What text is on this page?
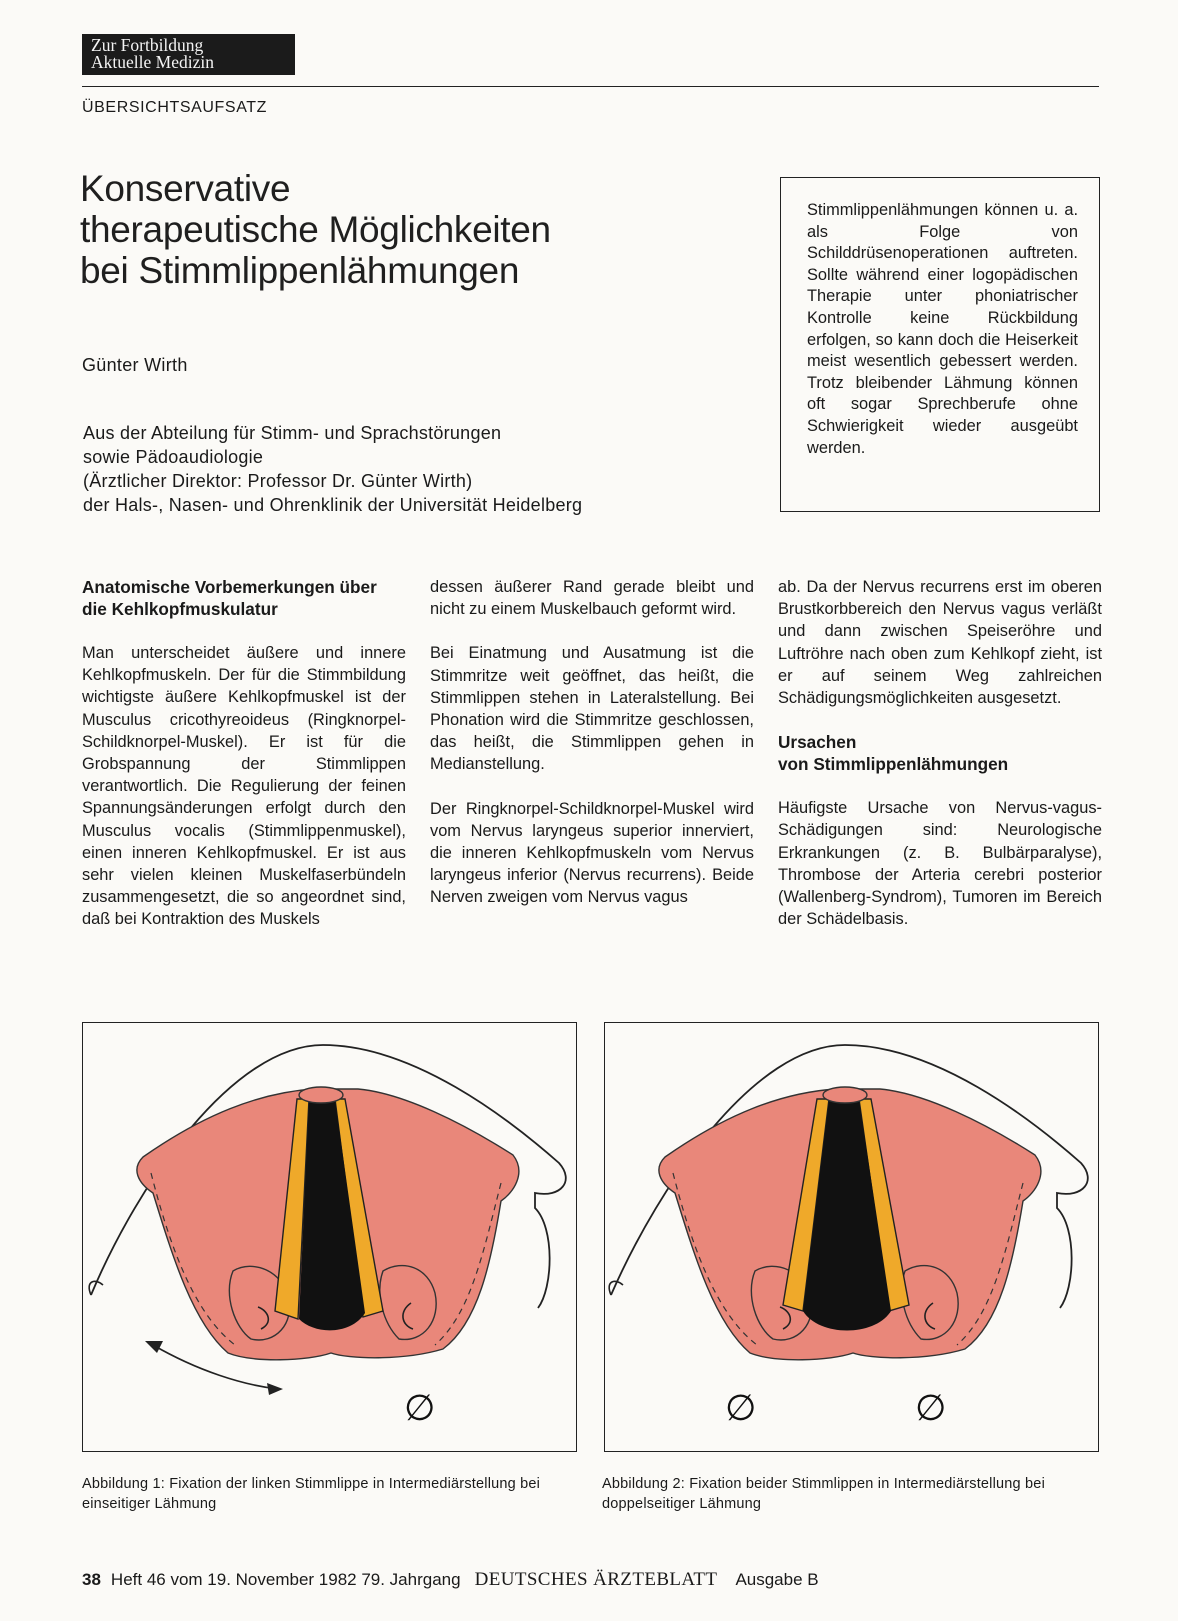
Zur Fortbildung
Aktuelle Medizin
ÜBERSICHTSAUFSATZ
Konservative
therapeutische Möglichkeiten
bei Stimmlippenlähmungen
Günter Wirth
Aus der Abteilung für Stimm- und Sprachstörungen
sowie Pädoaudiologie
(Ärztlicher Direktor: Professor Dr. Günter Wirth)
der Hals-, Nasen- und Ohrenklinik der Universität Heidelberg

Stimmlippenlähmungen können u. a. als Folge von Schilddrüsenoperationen auftreten. Sollte während einer logopädischen Therapie unter phoniatrischer Kontrolle keine Rückbildung erfolgen, so kann doch die Heiserkeit meist wesentlich gebessert werden. Trotz bleibender Lähmung können oft sogar Sprechberufe ohne Schwierigkeit wieder ausgeübt werden.

Anatomische Vorbemerkungen über die Kehlkopfmuskulatur

Man unterscheidet äußere und innere Kehlkopfmuskeln. Der für die Stimmbildung wichtigste äußere Kehlkopfmuskel ist der Musculus cricothyreoideus (Ringknorpel-Schildknorpel-Muskel). Er ist für die Grobspannung der Stimmlippen verantwortlich. Die Regulierung der feinen Spannungsänderungen erfolgt durch den Musculus vocalis (Stimmlippenmuskel), einen inneren Kehlkopfmuskel. Er ist aus sehr vielen kleinen Muskelfaserbündeln zusammengesetzt, die so angeordnet sind, daß bei Kontraktion des Muskels

dessen äußerer Rand gerade bleibt und nicht zu einem Muskelbauch geformt wird.

Bei Einatmung und Ausatmung ist die Stimmritze weit geöffnet, das heißt, die Stimmlippen stehen in Lateralstellung. Bei Phonation wird die Stimmritze geschlossen, das heißt, die Stimmlippen gehen in Medianstellung.

Der Ringknorpel-Schildknorpel-Muskel wird vom Nervus laryngeus superior innerviert, die inneren Kehlkopfmuskeln vom Nervus laryngeus inferior (Nervus recurrens). Beide Nerven zweigen vom Nervus vagus

ab. Da der Nervus recurrens erst im oberen Brustkorbbereich den Nervus vagus verläßt und dann zwischen Speiseröhre und Luftröhre nach oben zum Kehlkopf zieht, ist er auf seinem Weg zahlreichen Schädigungsmöglichkeiten ausgesetzt.

Ursachen
von Stimmlippenlähmungen

Häufigste Ursache von Nervus-vagus-Schädigungen sind: Neurologische Erkrankungen (z. B. Bulbärparalyse), Thrombose der Arteria cerebri posterior (Wallenberg-Syndrom), Tumoren im Bereich der Schädelbasis.

∅	∅	∅
Abbildung 1: Fixation der linken Stimmlippe in Intermediärstellung bei einseitiger Lähmung
Abbildung 2: Fixation beider Stimmlippen in Intermediärstellung bei doppelseitiger Lähmung
38 Heft 46 vom 19. November 1982 79. Jahrgang DEUTSCHES ÄRZTEBLATT Ausgabe B
